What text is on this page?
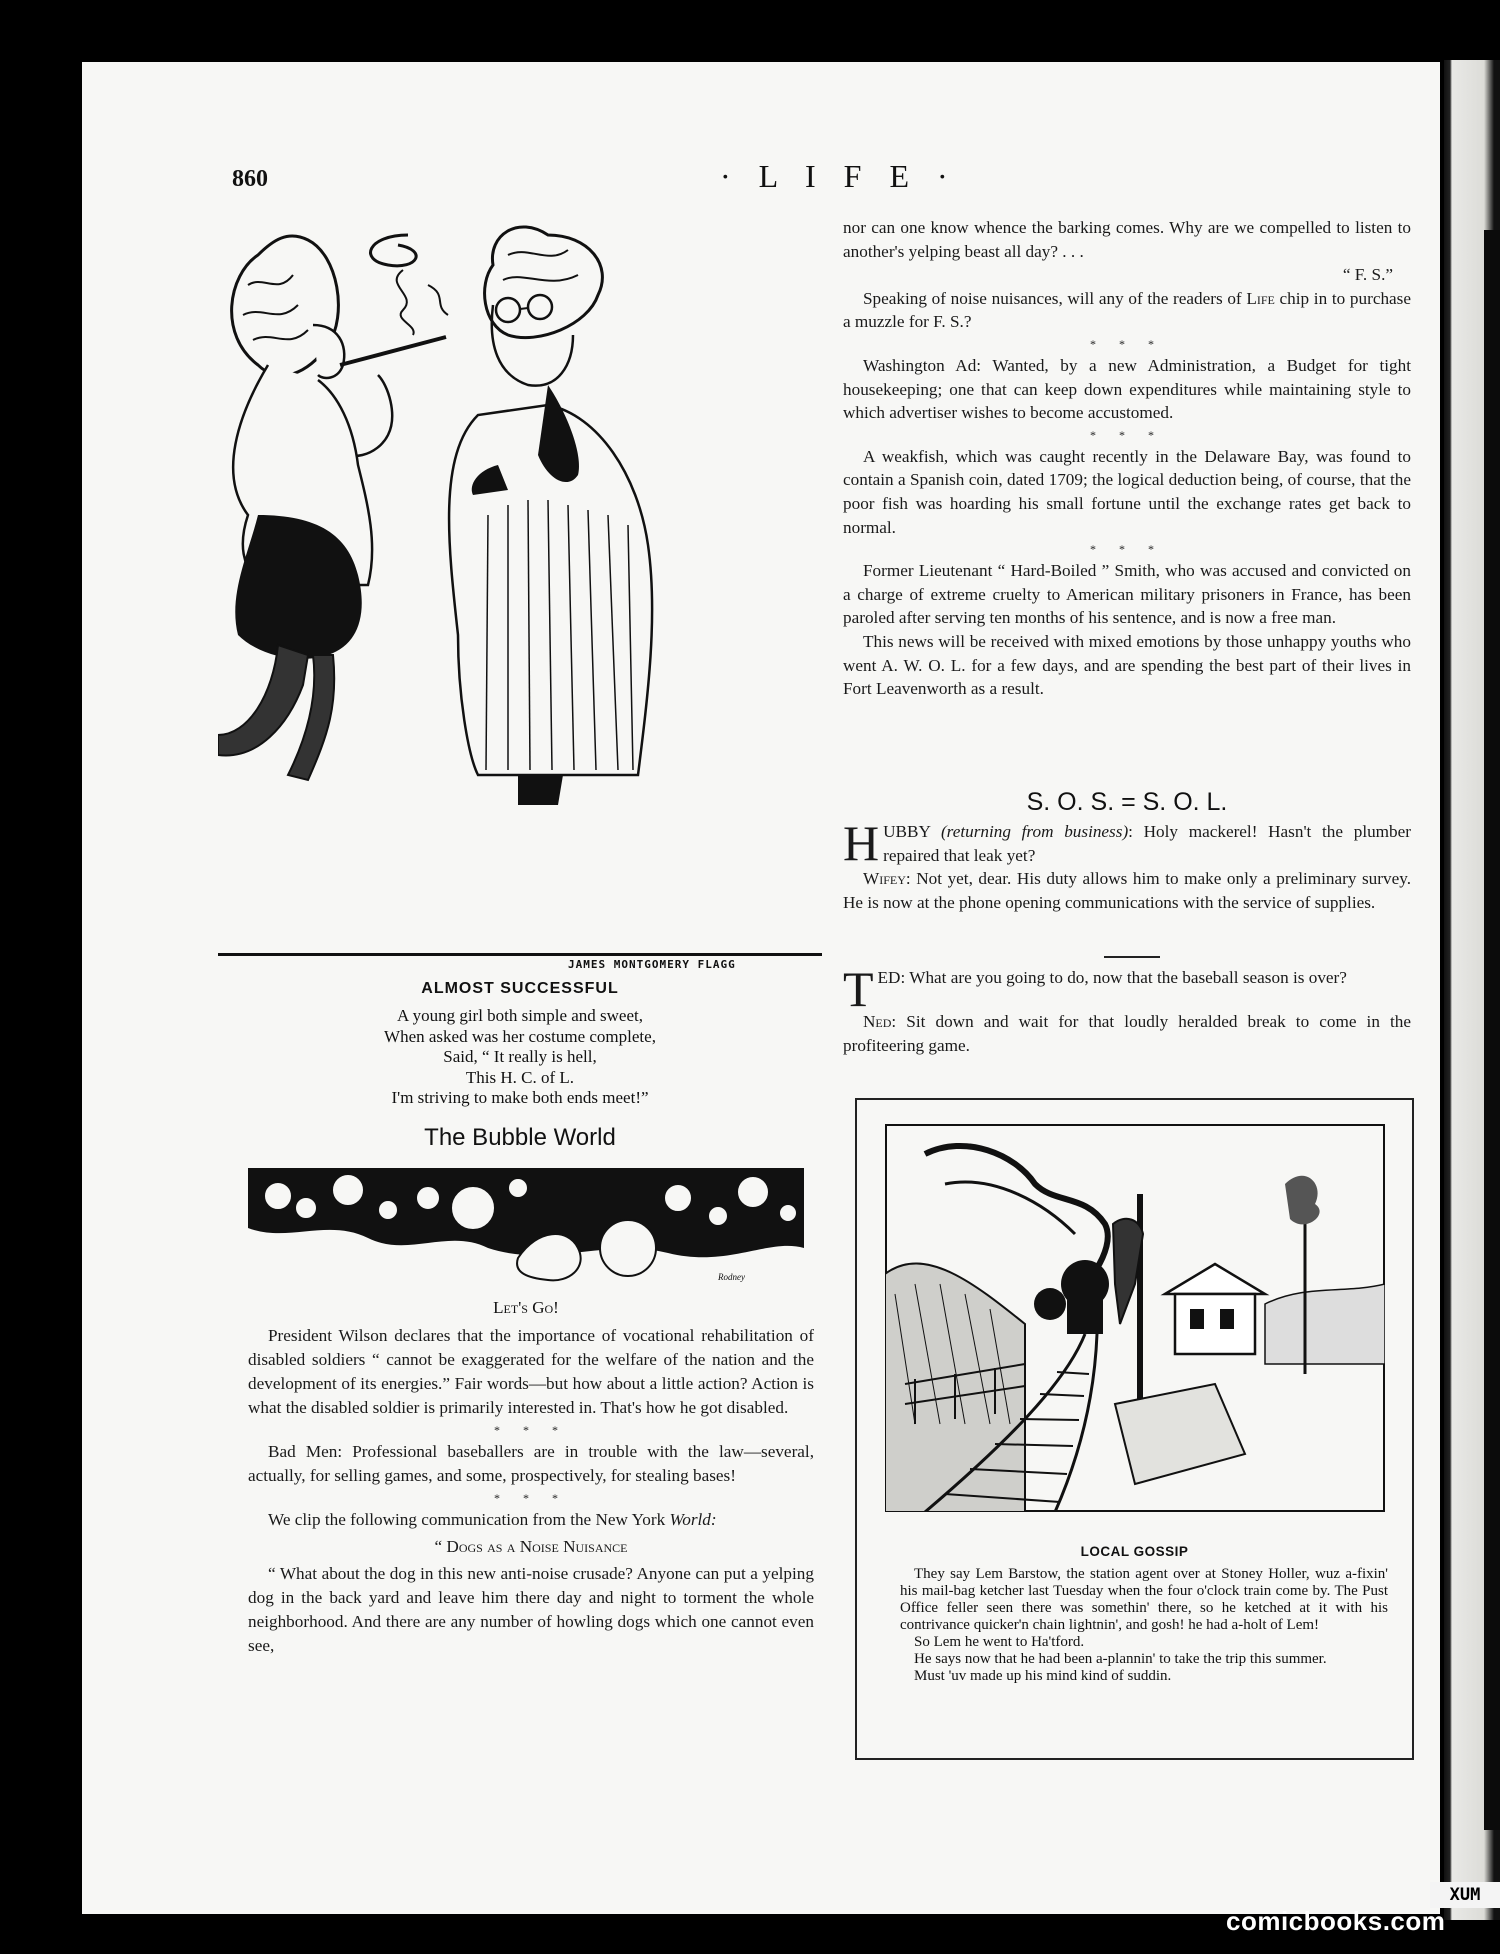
860	· L I F E ·
JAMES MONTGOMERY FLAGG
ALMOST SUCCESSFUL
A young girl both simple and sweet,
When asked was her costume complete,
Said, “ It really is hell,
This H. C. of L.
I'm striving to make both ends meet!”
The Bubble World
Rodney
Let's Go!

President Wilson declares that the importance of vocational rehabilitation of disabled soldiers “ cannot be exaggerated for the welfare of the nation and the development of its energies.” Fair words—but how about a little action? Action is what the disabled soldier is primarily interested in. That's how he got disabled.

* * *

Bad Men: Professional baseballers are in trouble with the law—several, actually, for selling games, and some, prospectively, for stealing bases!

* * *

We clip the following communication from the New York World:

“ Dogs as a Noise Nuisance

“ What about the dog in this new anti-noise crusade? Anyone can put a yelping dog in the back yard and leave him there day and night to torment the whole neighborhood. And there are any number of howling dogs which one cannot even see,

nor can one know whence the barking comes. Why are we compelled to listen to another's yelping beast all day? . . .

“ F. S.”

Speaking of noise nuisances, will any of the readers of Life chip in to purchase a muzzle for F. S.?

* * *

Washington Ad: Wanted, by a new Administration, a Budget for tight housekeeping; one that can keep down expenditures while maintaining style to which advertiser wishes to become accustomed.

* * *

A weakfish, which was caught recently in the Delaware Bay, was found to contain a Spanish coin, dated 1709; the logical deduction being, of course, that the poor fish was hoarding his small fortune until the exchange rates get back to normal.

* * *

Former Lieutenant “ Hard-Boiled ” Smith, who was accused and convicted on a charge of extreme cruelty to American military prisoners in France, has been paroled after serving ten months of his sentence, and is now a free man.

This news will be received with mixed emotions by those unhappy youths who went A. W. O. L. for a few days, and are spending the best part of their lives in Fort Leavenworth as a result.

S. O. S. = S. O. L.

HUBBY (returning from business): Holy mackerel! Hasn't the plumber repaired that leak yet?

Wifey: Not yet, dear. His duty allows him to make only a preliminary survey. He is now at the phone opening communications with the service of supplies.

TED: What are you going to do, now that the baseball season is over?

Ned: Sit down and wait for that loudly heralded break to come in the profiteering game.

LOCAL GOSSIP

They say Lem Barstow, the station agent over at Stoney Holler, wuz a-fixin' his mail-bag ketcher last Tuesday when the four o'clock train come by. The Pust Office feller seen there was somethin' there, so he ketched at it with his contrivance quicker'n chain lightnin', and gosh! he had a-holt of Lem!

So Lem he went to Ha'tford.

He says now that he had been a-plannin' to take the trip this summer.

Must 'uv made up his mind kind of suddin.

XUM
comicbooks.com
